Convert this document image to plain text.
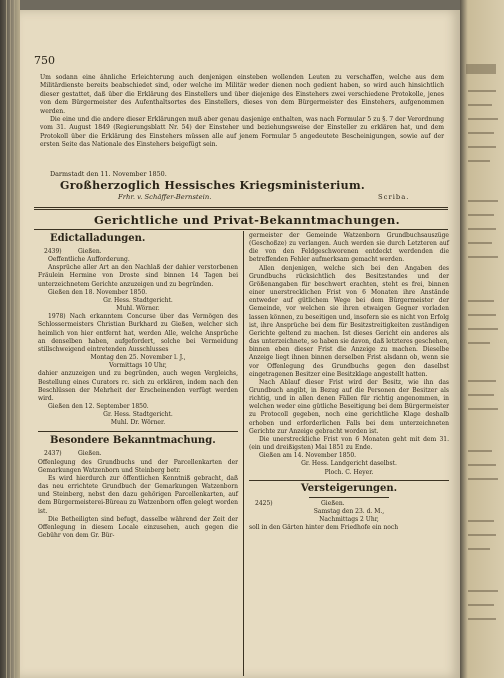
750

Um sodann eine ähnliche Erleichterung auch denjenigen einsteben wollenden Leuten zu verschaffen, welche aus dem Militärdienste bereits beabschiedet sind, oder welche im Militär weder dienen noch gedient haben, so wird auch hinsichtlich dieser gestattet, daß über die Erklärung des Einstellers und über diejenige des Einstehers zwei verschiedene Protokolle, jenes von dem Bürgermeister des Aufenthaltsortes des Einstellers, dieses von dem Bürgermeister des Einstehers, aufgenommen werden.

Die eine und die andere dieser Erklärungen muß aber genau dasjenige enthalten, was nach Formular 5 zu §. 7 der Verordnung vom 31. August 1849 (Regierungsblatt Nr. 54) der Einsteher und beziehungsweise der Einsteller zu erklären hat, und dem Protokoll über die Erklärung des Einstehers müssen alle auf jenem Formular 5 angedeutete Bescheinigungen, sowie auf der ersten Seite das Nationale des Einstehers beigefügt sein.

Darmstadt den 11. November 1850.
Großherzoglich Hessisches Kriegsministerium.
Frhr. v. Schäffer-Bernstein.	Scriba.
Gerichtliche und Privat-Bekanntmachungen.

Edictalladungen.

2439)	Gießen.

Oeffentliche Aufforderung.

Ansprüche aller Art an den Nachlaß der dahier verstorbenen Fräulein Hermine von Droste sind binnen 14 Tagen bei unterzeichnetem Gerichte anzuzeigen und zu begründen.

Gießen den 18. November 1850.

Gr. Hess. Stadtgericht.

Muhl. Wörner.

1978) Nach erkanntem Concurse über das Vermögen des Schlossermeisters Christian Burkhard zu Gießen, welcher sich heimlich von hier entfernt hat, werden Alle, welche Ansprüche an denselben haben, aufgefordert, solche bei Vermeidung stillschweigend eintretenden Ausschlusses

Montag den 25. November l. J.,

Vormittags 10 Uhr,

dahier anzuzeigen und zu begründen, auch wegen Vergleichs, Bestellung eines Curators rc. sich zu erklären, indem nach den Beschlüssen der Mehrheit der Erscheinenden verfügt werden wird.

Gießen den 12. September 1850.

Gr. Hess. Stadtgericht.

Muhl. Dr. Wörner.

Besondere Bekanntmachung.

2437)	Gießen.

Offenlegung des Grundbuchs und der Parcellenkarten der Gemarkungen Watzenborn und Steinberg betr.

Es wird hierdurch zur öffentlichen Kenntniß gebracht, daß das neu errichtete Grundbuch der Gemarkungen Watzenborn und Steinberg, nebst den dazu gehörigen Parcellenkarten, auf dem Bürgermeisterei-Büreau zu Watzenborn offen gelegt worden ist.

Die Betheiligten sind befugt, dasselbe während der Zeit der Offenlegung in diesem Locale einzusehen, auch gegen die Gebühr von dem Gr. Bür-

germeister der Gemeinde Watzenborn Grundbuchsauszüge (Geschoßze) zu verlangen. Auch werden sie durch Letzteren auf die von den Feldgeschworenen entdeckt werdenden die betreffenden Fehler aufmerksam gemacht werden.

Allen denjenigen, welche sich bei den Angaben des Grundbuchs rücksichtlich des Besitzstandes und der Größenangaben für beschwert erachten, steht es frei, binnen einer unerstrecklichen Frist von 6 Monaten ihre Anstände entweder auf gütlichem Wege bei dem Bürgermeister der Gemeinde, vor welchen sie ihren etwaigen Gegner vorladen lassen können, zu beseitigen und, insofern sie es nicht von Erfolg ist, ihre Ansprüche bei dem für Besitzstreitigkeiten zuständigen Gerichte geltend zu machen. Ist dieses Gericht ein anderes als das unterzeichnete, so haben sie davon, daß letzteres geschehen, binnen eben dieser Frist die Anzeige zu machen. Dieselbe Anzeige liegt ihnen binnen derselben Frist alsdann ob, wenn sie vor Offenlegung des Grundbuchs gegen den daselbst eingetragenen Besitzer eine Besitzklage angestellt hatten.

Nach Ablauf dieser Frist wird der Besitz, wie ihn das Grundbuch angibt, in Bezug auf die Personen der Besitzer als richtig, und in allen denen Fällen für richtig angenommen, in welchen weder eine gütliche Beseitigung bei dem Bürgermeister zu Protocoll gegeben, noch eine gerichtliche Klage deshalb erhoben und erforderlichen Falls bei dem unterzeichneten Gerichte zur Anzeige gebracht worden ist.

Die unerstreckliche Frist von 6 Monaten geht mit dem 31. (ein und dreißigsten) Mai 1851 zu Ende.

Gießen am 14. November 1850.

Gr. Hess. Landgericht daselbst.

Ploch. C. Heyer.

Versteigerungen.

2425)	Gießen.

Samstag den 23. d. M.,

Nachmittags 2 Uhr,

soll in den Gärten hinter dem Friedhofe ein noch
